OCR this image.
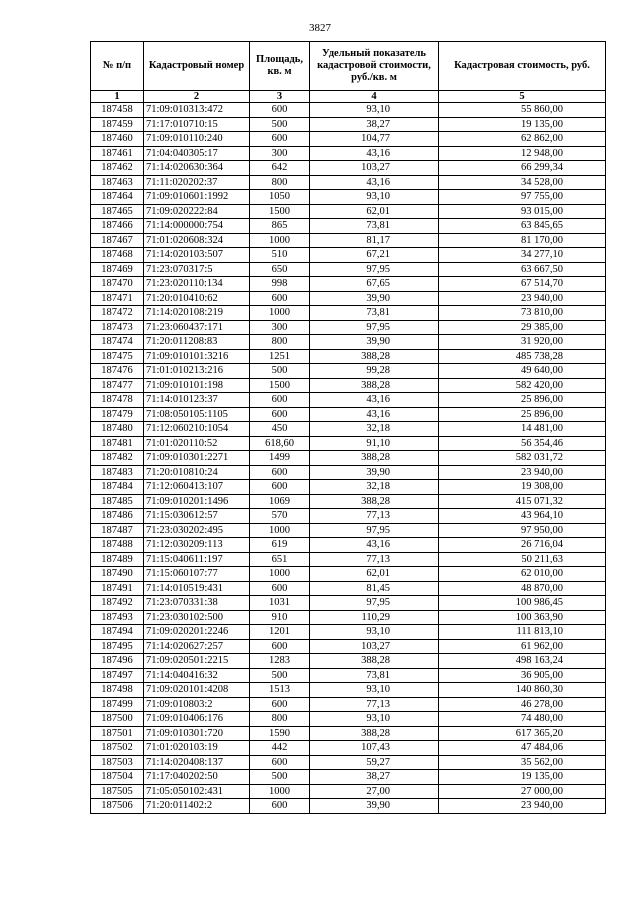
3827
№ п/п	Кадастровый номер	Площадь, кв. м	Удельный показатель кадастровой стоимости, руб./кв. м	Кадастровая стоимость, руб.
1	2	3	4	5
187458	71:09:010313:472	600	93,10	55 860,00
187459	71:17:010710:15	500	38,27	19 135,00
187460	71:09:010110:240	600	104,77	62 862,00
187461	71:04:040305:17	300	43,16	12 948,00
187462	71:14:020630:364	642	103,27	66 299,34
187463	71:11:020202:37	800	43,16	34 528,00
187464	71:09:010601:1992	1050	93,10	97 755,00
187465	71:09:020222:84	1500	62,01	93 015,00
187466	71:14:000000:754	865	73,81	63 845,65
187467	71:01:020608:324	1000	81,17	81 170,00
187468	71:14:020103:507	510	67,21	34 277,10
187469	71:23:070317:5	650	97,95	63 667,50
187470	71:23:020110:134	998	67,65	67 514,70
187471	71:20:010410:62	600	39,90	23 940,00
187472	71:14:020108:219	1000	73,81	73 810,00
187473	71:23:060437:171	300	97,95	29 385,00
187474	71:20:011208:83	800	39,90	31 920,00
187475	71:09:010101:3216	1251	388,28	485 738,28
187476	71:01:010213:216	500	99,28	49 640,00
187477	71:09:010101:198	1500	388,28	582 420,00
187478	71:14:010123:37	600	43,16	25 896,00
187479	71:08:050105:1105	600	43,16	25 896,00
187480	71:12:060210:1054	450	32,18	14 481,00
187481	71:01:020110:52	618,60	91,10	56 354,46
187482	71:09:010301:2271	1499	388,28	582 031,72
187483	71:20:010810:24	600	39,90	23 940,00
187484	71:12:060413:107	600	32,18	19 308,00
187485	71:09:010201:1496	1069	388,28	415 071,32
187486	71:15:030612:57	570	77,13	43 964,10
187487	71:23:030202:495	1000	97,95	97 950,00
187488	71:12:030209:113	619	43,16	26 716,04
187489	71:15:040611:197	651	77,13	50 211,63
187490	71:15:060107:77	1000	62,01	62 010,00
187491	71:14:010519:431	600	81,45	48 870,00
187492	71:23:070331:38	1031	97,95	100 986,45
187493	71:23:030102:500	910	110,29	100 363,90
187494	71:09:020201:2246	1201	93,10	111 813,10
187495	71:14:020627:257	600	103,27	61 962,00
187496	71:09:020501:2215	1283	388,28	498 163,24
187497	71:14:040416:32	500	73,81	36 905,00
187498	71:09:020101:4208	1513	93,10	140 860,30
187499	71:09:010803:2	600	77,13	46 278,00
187500	71:09:010406:176	800	93,10	74 480,00
187501	71:09:010301:720	1590	388,28	617 365,20
187502	71:01:020103:19	442	107,43	47 484,06
187503	71:14:020408:137	600	59,27	35 562,00
187504	71:17:040202:50	500	38,27	19 135,00
187505	71:05:050102:431	1000	27,00	27 000,00
187506	71:20:011402:2	600	39,90	23 940,00
